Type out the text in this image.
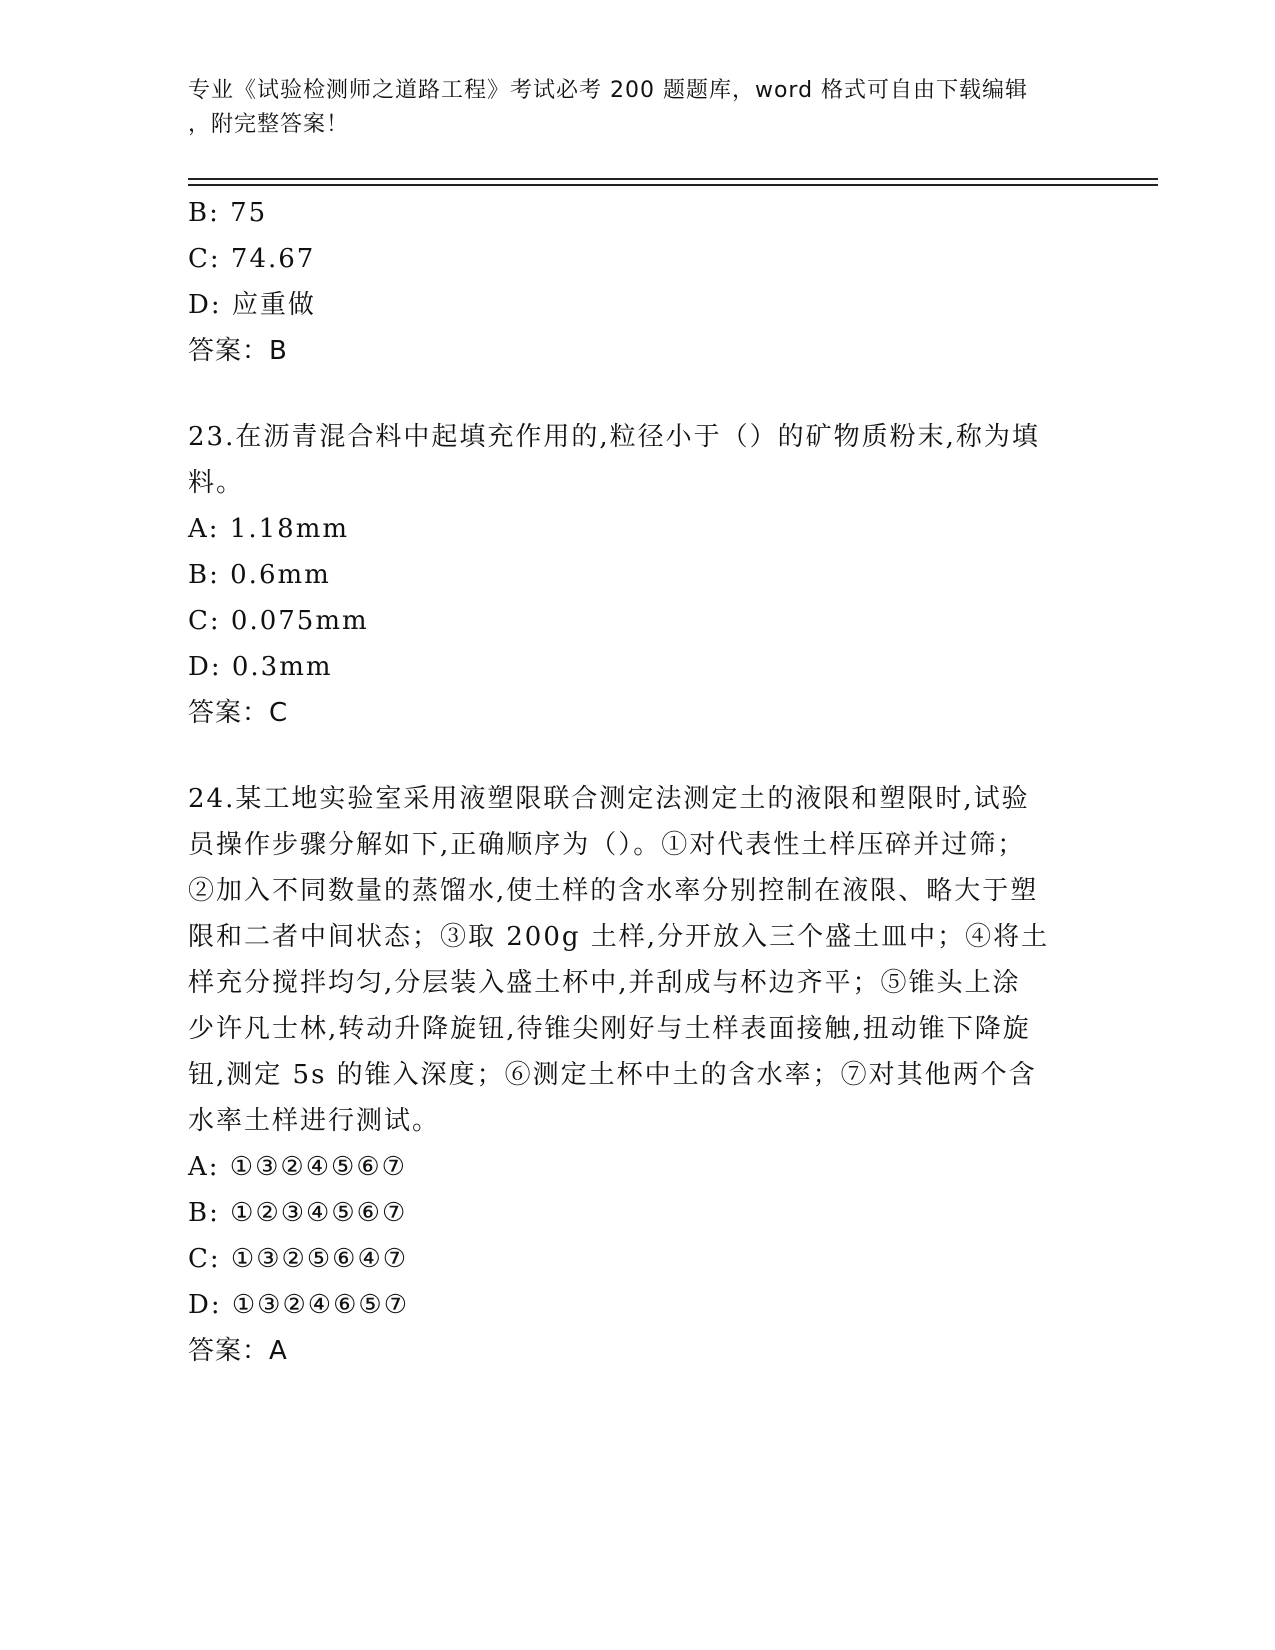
专业《试验检测师之道路工程》考试必考 200 题题库，word 格式可自由下载编辑
，附完整答案！
B: 75
C: 74.67
D: 应重做
答案：B
23.在沥青混合料中起填充作用的,粒径小于（）的矿物质粉末,称为填
料。
A: 1.18mm
B: 0.6mm
C: 0.075mm
D: 0.3mm
答案：C
24.某工地实验室采用液塑限联合测定法测定土的液限和塑限时,试验
员操作步骤分解如下,正确顺序为（）。①对代表性土样压碎并过筛；
②加入不同数量的蒸馏水,使土样的含水率分别控制在液限、略大于塑
限和二者中间状态；③取 200g 土样,分开放入三个盛土皿中；④将土
样充分搅拌均匀,分层装入盛土杯中,并刮成与杯边齐平；⑤锥头上涂
少许凡士林,转动升降旋钮,待锥尖刚好与土样表面接触,扭动锥下降旋
钮,测定 5s 的锥入深度；⑥测定土杯中土的含水率；⑦对其他两个含
水率土样进行测试。
A: ①③②④⑤⑥⑦
B: ①②③④⑤⑥⑦
C: ①③②⑤⑥④⑦
D: ①③②④⑥⑤⑦
答案：A
